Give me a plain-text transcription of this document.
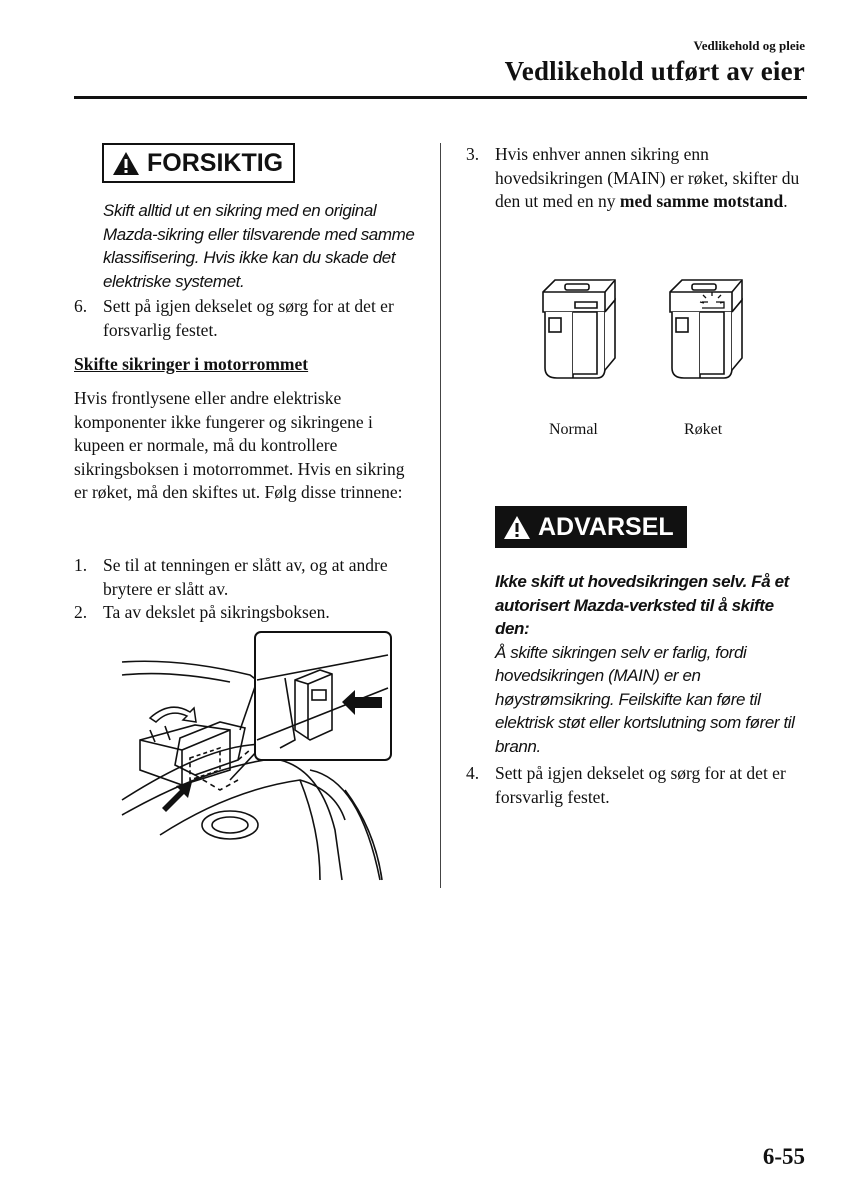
Vedlikehold og pleie
Vedlikehold utført av eier
FORSIKTIG
Skift alltid ut en sikring med en original Mazda-sikring eller tilsvarende med samme klassifisering. Hvis ikke kan du skade det elektriske systemet.
6. Sett på igjen dekselet og sørg for at det er forsvarlig festet.
Skifte sikringer i motorrommet
Hvis frontlysene eller andre elektriske komponenter ikke fungerer og sikringene i kupeen er normale, må du kontrollere sikringsboksen i motorrommet. Hvis en sikring er røket, må den skiftes ut. Følg disse trinnene:
1. Se til at tenningen er slått av, og at andre brytere er slått av.
2. Ta av dekslet på sikringsboksen.
3. Hvis enhver annen sikring enn hovedsikringen (MAIN) er røket, skifter du den ut med en ny med samme motstand.
Normal	Røket
ADVARSEL
Ikke skift ut hovedsikringen selv. Få et autorisert Mazda-verksted til å skifte den:
Å skifte sikringen selv er farlig, fordi hovedsikringen (MAIN) er en høystrømsikring. Feilskifte kan føre til elektrisk støt eller kortslutning som fører til brann.
4. Sett på igjen dekselet og sørg for at det er forsvarlig festet.
6-55
